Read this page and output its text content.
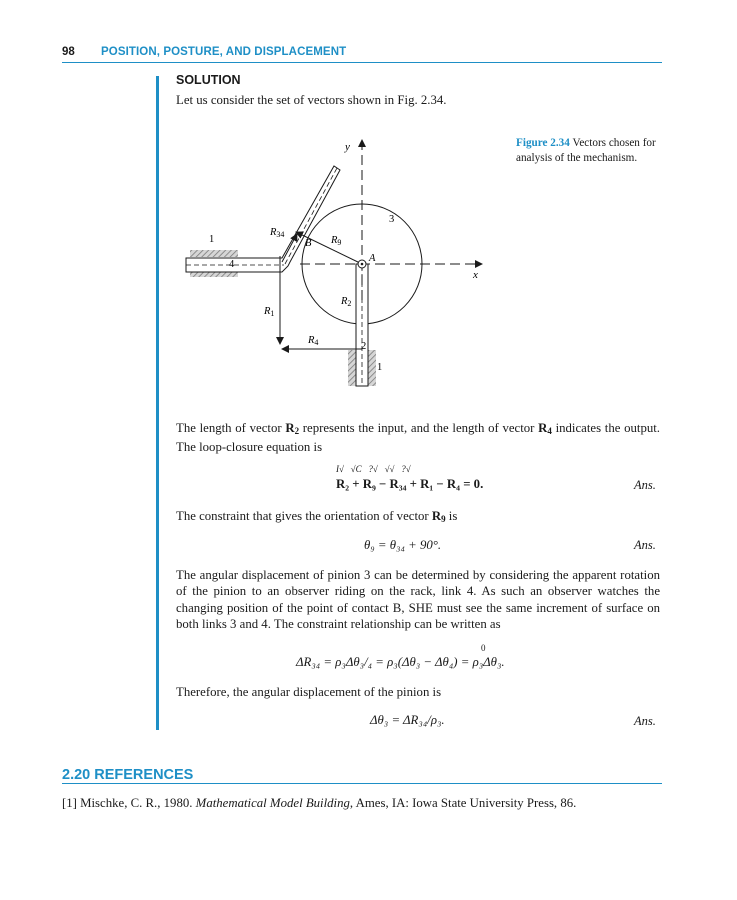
98 POSITION, POSTURE, AND DISPLACEMENT
SOLUTION
Let us consider the set of vectors shown in Fig. 2.34.
Figure 2.34 Vectors chosen for analysis of the mechanism.
y
x
3
1
4
2
1
A
B
R34
R9
R2
R1
R4
The length of vector $R_2$ represents the input, and the length of vector $R_4$ indicates the output. The loop-closure equation is
I√   √C   ?√   √√   ?√
R₂ + R₉ − R₃₄ + R₁ − R₄ = 0.	Ans.
The constraint that gives the orientation of vector $R_9$ is
θ₉ = θ₃₄ + 90°.	Ans.
The angular displacement of pinion 3 can be determined by considering the apparent rotation of the pinion to an observer riding on the rack, link 4. As such an observer watches the changing position of the point of contact B, SHE must see the same increment of surface on both links 3 and 4. The constraint relationship can be written as
0
ΔR₃₄ = ρ₃Δθ₃/₄ = ρ₃(Δθ₃ − Δθ₄) = ρ₃Δθ₃.
Therefore, the angular displacement of the pinion is
Δθ₃ = ΔR₃₄/ρ₃.	Ans.
2.20 REFERENCES
[1] Mischke, C. R., 1980. Mathematical Model Building, Ames, IA: Iowa State University Press, 86.
